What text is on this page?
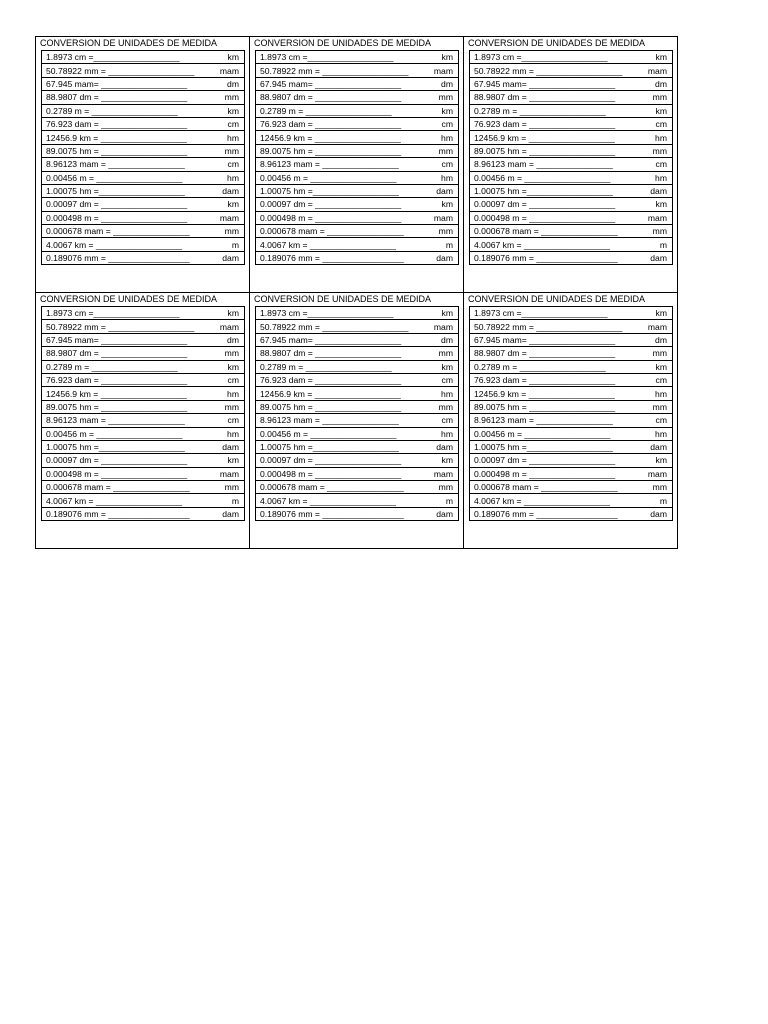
CONVERSION DE UNIDADES DE MEDIDA
1.8973 cm =__________________	km

50.78922 mm = __________________	mam

67.945 mam= __________________	dm

88.9807 dm = __________________	mm

0.2789 m = __________________	km

76.923 dam = __________________	cm

12456.9 km = __________________	hm

89.0075 hm = __________________	mm

8.96123 mam = ________________	cm

0.00456 m = __________________	hm

1.00075 hm =__________________	dam

0.00097 dm = __________________	km

0.000498 m = __________________	mam

0.000678 mam = ________________	mm

4.0067 km = __________________	m

0.189076 mm = _________________	dam
CONVERSION DE UNIDADES DE MEDIDA
1.8973 cm =__________________	km

50.78922 mm = __________________	mam

67.945 mam= __________________	dm

88.9807 dm = __________________	mm

0.2789 m = __________________	km

76.923 dam = __________________	cm

12456.9 km = __________________	hm

89.0075 hm = __________________	mm

8.96123 mam = ________________	cm

0.00456 m = __________________	hm

1.00075 hm =__________________	dam

0.00097 dm = __________________	km

0.000498 m = __________________	mam

0.000678 mam = ________________	mm

4.0067 km = __________________	m

0.189076 mm = _________________	dam
CONVERSION DE UNIDADES DE MEDIDA
1.8973 cm =__________________	km

50.78922 mm = __________________	mam

67.945 mam= __________________	dm

88.9807 dm = __________________	mm

0.2789 m = __________________	km

76.923 dam = __________________	cm

12456.9 km = __________________	hm

89.0075 hm = __________________	mm

8.96123 mam = ________________	cm

0.00456 m = __________________	hm

1.00075 hm =__________________	dam

0.00097 dm = __________________	km

0.000498 m = __________________	mam

0.000678 mam = ________________	mm

4.0067 km = __________________	m

0.189076 mm = _________________	dam
CONVERSION DE UNIDADES DE MEDIDA
1.8973 cm =__________________	km

50.78922 mm = __________________	mam

67.945 mam= __________________	dm

88.9807 dm = __________________	mm

0.2789 m = __________________	km

76.923 dam = __________________	cm

12456.9 km = __________________	hm

89.0075 hm = __________________	mm

8.96123 mam = ________________	cm

0.00456 m = __________________	hm

1.00075 hm =__________________	dam

0.00097 dm = __________________	km

0.000498 m = __________________	mam

0.000678 mam = ________________	mm

4.0067 km = __________________	m

0.189076 mm = _________________	dam
CONVERSION DE UNIDADES DE MEDIDA
1.8973 cm =__________________	km

50.78922 mm = __________________	mam

67.945 mam= __________________	dm

88.9807 dm = __________________	mm

0.2789 m = __________________	km

76.923 dam = __________________	cm

12456.9 km = __________________	hm

89.0075 hm = __________________	mm

8.96123 mam = ________________	cm

0.00456 m = __________________	hm

1.00075 hm =__________________	dam

0.00097 dm = __________________	km

0.000498 m = __________________	mam

0.000678 mam = ________________	mm

4.0067 km = __________________	m

0.189076 mm = _________________	dam
CONVERSION DE UNIDADES DE MEDIDA
1.8973 cm =__________________	km

50.78922 mm = __________________	mam

67.945 mam= __________________	dm

88.9807 dm = __________________	mm

0.2789 m = __________________	km

76.923 dam = __________________	cm

12456.9 km = __________________	hm

89.0075 hm = __________________	mm

8.96123 mam = ________________	cm

0.00456 m = __________________	hm

1.00075 hm =__________________	dam

0.00097 dm = __________________	km

0.000498 m = __________________	mam

0.000678 mam = ________________	mm

4.0067 km = __________________	m

0.189076 mm = _________________	dam
